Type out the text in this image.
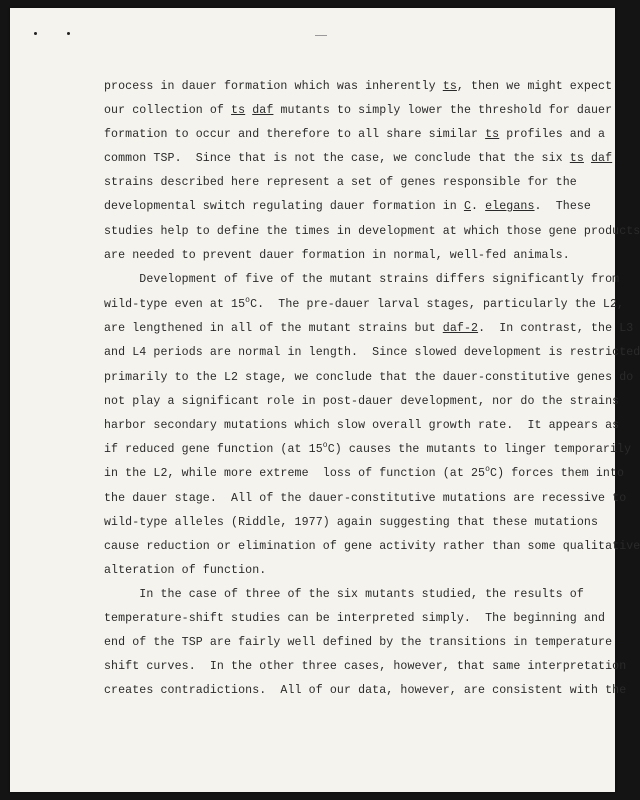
process in dauer formation which was inherently ts, then we might expect
our collection of ts daf mutants to simply lower the threshold for dauer
formation to occur and therefore to all share similar ts profiles and a
common TSP.  Since that is not the case, we conclude that the six ts daf
strains described here represent a set of genes responsible for the
developmental switch regulating dauer formation in C. elegans.  These
studies help to define the times in development at which those gene products
are needed to prevent dauer formation in normal, well-fed animals.
Development of five of the mutant strains differs significantly from
wild-type even at 15$^o$C.  The pre-dauer larval stages, particularly the L2,
are lengthened in all of the mutant strains but daf-2.  In contrast, the L3
and L4 periods are normal in length.  Since slowed development is restricted
primarily to the L2 stage, we conclude that the dauer-constitutive genes do
not play a significant role in post-dauer development, nor do the strains
harbor secondary mutations which slow overall growth rate.  It appears as
if reduced gene function (at 15$^o$C) causes the mutants to linger temporarily
in the L2, while more extreme  loss of function (at 25$^o$C) forces them into
the dauer stage.  All of the dauer-constitutive mutations are recessive to
wild-type alleles (Riddle, 1977) again suggesting that these mutations
cause reduction or elimination of gene activity rather than some qualitative
alteration of function.
In the case of three of the six mutants studied, the results of
temperature-shift studies can be interpreted simply.  The beginning and
end of the TSP are fairly well defined by the transitions in temperature
shift curves.  In the other three cases, however, that same interpretation
creates contradictions.  All of our data, however, are consistent with the
